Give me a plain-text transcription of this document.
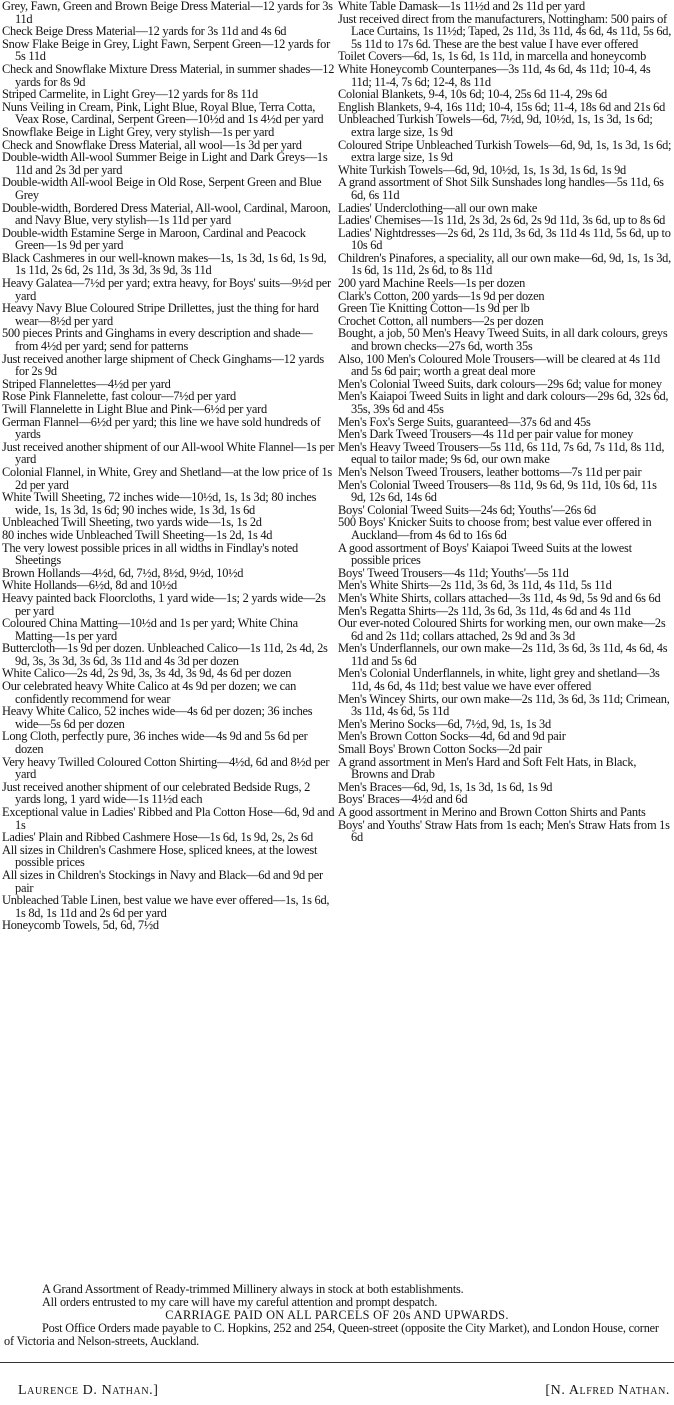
Grey, Fawn, Green and Brown Beige Dress Material—12 yards for 3s 11d

Check Beige Dress Material—12 yards for 3s 11d and 4s 6d

Snow Flake Beige in Grey, Light Fawn, Serpent Green—12 yards for 5s 11d

Check and Snowflake Mixture Dress Material, in summer shades—12 yards for 8s 9d

Striped Carmelite, in Light Grey—12 yards for 8s 11d

Nuns Veiling in Cream, Pink, Light Blue, Royal Blue, Terra Cotta, Veax Rose, Cardinal, Serpent Green—10½d and 1s 4½d per yard

Snowflake Beige in Light Grey, very stylish—1s per yard

Check and Snowflake Dress Material, all wool—1s 3d per yard

Double-width All-wool Summer Beige in Light and Dark Greys—1s 11d and 2s 3d per yard

Double-width All-wool Beige in Old Rose, Serpent Green and Blue Grey

Double-width, Bordered Dress Material, All-wool, Cardinal, Maroon, and Navy Blue, very stylish—1s 11d per yard

Double-width Estamine Serge in Maroon, Cardinal and Peacock Green—1s 9d per yard

Black Cashmeres in our well-known makes—1s, 1s 3d, 1s 6d, 1s 9d, 1s 11d, 2s 6d, 2s 11d, 3s 3d, 3s 9d, 3s 11d

Heavy Galatea—7½d per yard; extra heavy, for Boys' suits—9½d per yard

Heavy Navy Blue Coloured Stripe Drillettes, just the thing for hard wear—8½d per yard

500 pieces Prints and Ginghams in every description and shade—from 4½d per yard; send for patterns

Just received another large shipment of Check Ginghams—12 yards for 2s 9d

Striped Flannelettes—4½d per yard

Rose Pink Flannelette, fast colour—7½d per yard

Twill Flannelette in Light Blue and Pink—6½d per yard

German Flannel—6½d per yard; this line we have sold hundreds of yards

Just received another shipment of our All-wool White Flannel—1s per yard

Colonial Flannel, in White, Grey and Shetland—at the low price of 1s 2d per yard

White Twill Sheeting, 72 inches wide—10½d, 1s, 1s 3d; 80 inches wide, 1s, 1s 3d, 1s 6d; 90 inches wide, 1s 3d, 1s 6d

Unbleached Twill Sheeting, two yards wide—1s, 1s 2d

80 inches wide Unbleached Twill Sheeting—1s 2d, 1s 4d

The very lowest possible prices in all widths in Findlay's noted Sheetings

Brown Hollands—4½d, 6d, 7½d, 8½d, 9½d, 10½d

White Hollands—6½d, 8d and 10½d

Heavy painted back Floorcloths, 1 yard wide—1s; 2 yards wide—2s per yard

Coloured China Matting—10½d and 1s per yard; White China Matting—1s per yard

Buttercloth—1s 9d per dozen. Unbleached Calico—1s 11d, 2s 4d, 2s 9d, 3s, 3s 3d, 3s 6d, 3s 11d and 4s 3d per dozen

White Calico—2s 4d, 2s 9d, 3s, 3s 4d, 3s 9d, 4s 6d per dozen

Our celebrated heavy White Calico at 4s 9d per dozen; we can confidently recommend for wear

Heavy White Calico, 52 inches wide—4s 6d per dozen; 36 inches wide—5s 6d per dozen

Long Cloth, perfectly pure, 36 inches wide—4s 9d and 5s 6d per dozen

Very heavy Twilled Coloured Cotton Shirting—4½d, 6d and 8½d per yard

Just received another shipment of our celebrated Bedside Rugs, 2 yards long, 1 yard wide—1s 11½d each

Exceptional value in Ladies' Ribbed and Pla Cotton Hose—6d, 9d and 1s

Ladies' Plain and Ribbed Cashmere Hose—1s 6d, 1s 9d, 2s, 2s 6d

All sizes in Children's Cashmere Hose, spliced knees, at the lowest possible prices

All sizes in Children's Stockings in Navy and Black—6d and 9d per pair

Unbleached Table Linen, best value we have ever offered—1s, 1s 6d, 1s 8d, 1s 11d and 2s 6d per yard

Honeycomb Towels, 5d, 6d, 7½d

White Table Damask—1s 11½d and 2s 11d per yard

Just received direct from the manufacturers, Nottingham: 500 pairs of Lace Curtains, 1s 11½d; Taped, 2s 11d, 3s 11d, 4s 6d, 4s 11d, 5s 6d, 5s 11d to 17s 6d. These are the best value I have ever offered

Toilet Covers—6d, 1s, 1s 6d, 1s 11d, in marcella and honeycomb

White Honeycomb Counterpanes—3s 11d, 4s 6d, 4s 11d; 10-4, 4s 11d; 11-4, 7s 6d; 12-4, 8s 11d

Colonial Blankets, 9-4, 10s 6d; 10-4, 25s 6d 11-4, 29s 6d

English Blankets, 9-4, 16s 11d; 10-4, 15s 6d; 11-4, 18s 6d and 21s 6d

Unbleached Turkish Towels—6d, 7½d, 9d, 10½d, 1s, 1s 3d, 1s 6d; extra large size, 1s 9d

Coloured Stripe Unbleached Turkish Towels—6d, 9d, 1s, 1s 3d, 1s 6d; extra large size, 1s 9d

White Turkish Towels—6d, 9d, 10½d, 1s, 1s 3d, 1s 6d, 1s 9d

A grand assortment of Shot Silk Sunshades long handles—5s 11d, 6s 6d, 6s 11d

Ladies' Underclothing—all our own make

Ladies' Chemises—1s 11d, 2s 3d, 2s 6d, 2s 9d 11d, 3s 6d, up to 8s 6d

Ladies' Nightdresses—2s 6d, 2s 11d, 3s 6d, 3s 11d 4s 11d, 5s 6d, up to 10s 6d

Children's Pinafores, a speciality, all our own make—6d, 9d, 1s, 1s 3d, 1s 6d, 1s 11d, 2s 6d, to 8s 11d

200 yard Machine Reels—1s per dozen

Clark's Cotton, 200 yards—1s 9d per dozen

Green Tie Knitting Cotton—1s 9d per lb

Crochet Cotton, all numbers—2s per dozen

Bought, a job, 50 Men's Heavy Tweed Suits, in all dark colours, greys and brown checks—27s 6d, worth 35s

Also, 100 Men's Coloured Mole Trousers—will be cleared at 4s 11d and 5s 6d pair; worth a great deal more

Men's Colonial Tweed Suits, dark colours—29s 6d; value for money

Men's Kaiapoi Tweed Suits in light and dark colours—29s 6d, 32s 6d, 35s, 39s 6d and 45s

Men's Fox's Serge Suits, guaranteed—37s 6d and 45s

Men's Dark Tweed Trousers—4s 11d per pair value for money

Men's Heavy Tweed Trousers—5s 11d, 6s 11d, 7s 6d, 7s 11d, 8s 11d, equal to tailor made; 9s 6d, our own make

Men's Nelson Tweed Trousers, leather bottoms—7s 11d per pair

Men's Colonial Tweed Trousers—8s 11d, 9s 6d, 9s 11d, 10s 6d, 11s 9d, 12s 6d, 14s 6d

Boys' Colonial Tweed Suits—24s 6d; Youths'—26s 6d

500 Boys' Knicker Suits to choose from; best value ever offered in Auckland—from 4s 6d to 16s 6d

A good assortment of Boys' Kaiapoi Tweed Suits at the lowest possible prices

Boys' Tweed Trousers—4s 11d; Youths'—5s 11d

Men's White Shirts—2s 11d, 3s 6d, 3s 11d, 4s 11d, 5s 11d

Men's White Shirts, collars attached—3s 11d, 4s 9d, 5s 9d and 6s 6d

Men's Regatta Shirts—2s 11d, 3s 6d, 3s 11d, 4s 6d and 4s 11d

Our ever-noted Coloured Shirts for working men, our own make—2s 6d and 2s 11d; collars attached, 2s 9d and 3s 3d

Men's Underflannels, our own make—2s 11d, 3s 6d, 3s 11d, 4s 6d, 4s 11d and 5s 6d

Men's Colonial Underflannels, in white, light grey and shetland—3s 11d, 4s 6d, 4s 11d; best value we have ever offered

Men's Wincey Shirts, our own make—2s 11d, 3s 6d, 3s 11d; Crimean, 3s 11d, 4s 6d, 5s 11d

Men's Merino Socks—6d, 7½d, 9d, 1s, 1s 3d

Men's Brown Cotton Socks—4d, 6d and 9d pair

Small Boys' Brown Cotton Socks—2d pair

A grand assortment in Men's Hard and Soft Felt Hats, in Black, Browns and Drab

Men's Braces—6d, 9d, 1s, 1s 3d, 1s 6d, 1s 9d

Boys' Braces—4½d and 6d

A good assortment in Merino and Brown Cotton Shirts and Pants

Boys' and Youths' Straw Hats from 1s each; Men's Straw Hats from 1s 6d

A Grand Assortment of Ready-trimmed Millinery always in stock at both establishments.

All orders entrusted to my care will have my careful attention and prompt despatch.

CARRIAGE PAID ON ALL PARCELS OF 20s AND UPWARDS.

Post Office Orders made payable to C. Hopkins, 252 and 254, Queen-street (opposite the City Market), and London House, corner of Victoria and Nelson-streets, Auckland.

Laurence D. Nathan.]	[N. Alfred Nathan.
